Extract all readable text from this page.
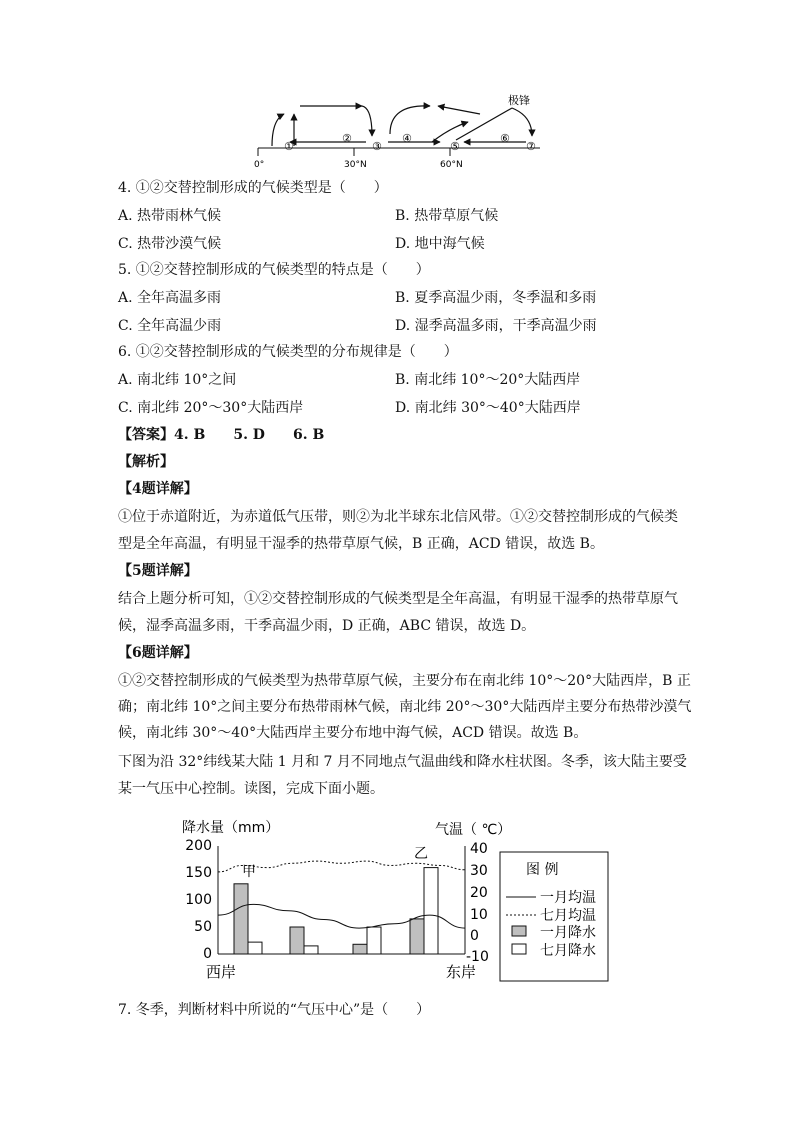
极锋
①
②
③
④
⑤
⑥
⑦
0°	30°N	60°N
4. ①②交替控制形成的气候类型是（　　）
A. 热带雨林气候	B. 热带草原气候
C. 热带沙漠气候	D. 地中海气候
5. ①②交替控制形成的气候类型的特点是（　　）
A. 全年高温多雨	B. 夏季高温少雨，冬季温和多雨
C. 全年高温少雨	D. 湿季高温多雨，干季高温少雨
6. ①②交替控制形成的气候类型的分布规律是（　　）
A. 南北纬 10°之间	B. 南北纬 10°～20°大陆西岸
C. 南北纬 20°～30°大陆西岸	D. 南北纬 30°～40°大陆西岸
【答案】4. B　　5. D　　6. B
【解析】
【4题详解】
①位于赤道附近，为赤道低气压带，则②为北半球东北信风带。①②交替控制形成的气候类
型是全年高温，有明显干湿季的热带草原气候，B 正确，ACD 错误，故选 B。
【5题详解】
结合上题分析可知，①②交替控制形成的气候类型是全年高温，有明显干湿季的热带草原气
候，湿季高温多雨，干季高温少雨，D 正确，ABC 错误，故选 D。
【6题详解】
①②交替控制形成的气候类型为热带草原气候，主要分布在南北纬 10°～20°大陆西岸，B 正
确；南北纬 10°之间主要分布热带雨林气候，南北纬 20°～30°大陆西岸主要分布热带沙漠气
候，南北纬 30°～40°大陆西岸主要分布地中海气候，ACD 错误。故选 B。
下图为沿 32°纬线某大陆 1 月和 7 月不同地点气温曲线和降水柱状图。冬季，该大陆主要受
某一气压中心控制。读图，完成下面小题。
降水量（mm）	气温（ ℃）
200
150
100
50
0
40
30
20
10
0
-10
甲
乙
西岸	东岸
图 例
一月均温
七月均温
一月降水
七月降水
7. 冬季，判断材料中所说的“气压中心”是（　　）
